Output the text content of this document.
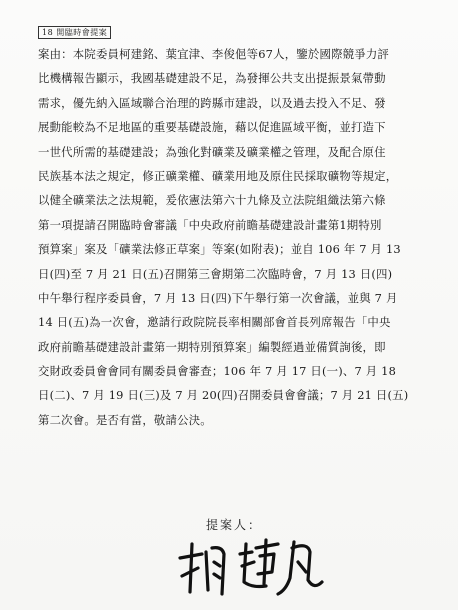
18 開臨時會提案
案由：本院委員柯建銘、葉宜津、李俊俋等67人，鑒於國際競爭力評
比機構報告顯示，我國基礎建設不足，為發揮公共支出提振景氣帶動
需求，優先納入區域聯合治理的跨縣市建設，以及過去投入不足、發
展動能較為不足地區的重要基礎設施，藉以促進區域平衡，並打造下
一世代所需的基礎建設；為強化對礦業及礦業權之管理，及配合原住
民族基本法之規定，修正礦業權、礦業用地及原住民採取礦物等規定，
以健全礦業法之法規範，爰依憲法第六十九條及立法院組織法第六條
第一項提請召開臨時會審議「中央政府前瞻基礎建設計畫第1期特別
預算案」案及「礦業法修正草案」等案(如附表)；並自 106 年 7 月 13
日(四)至 7 月 21 日(五)召開第三會期第二次臨時會，7 月 13 日(四)
中午舉行程序委員會，7 月 13 日(四)下午舉行第一次會議，並與 7 月
14 日(五)為一次會，邀請行政院院長率相關部會首長列席報告「中央
政府前瞻基礎建設計畫第一期特別預算案」編製經過並備質詢後，即
交財政委員會會同有關委員會審查；106 年 7 月 17 日(一)、7 月 18
日(二)、7 月 19 日(三)及 7 月 20(四)召開委員會會議；7 月 21 日(五)
第二次會。是否有當，敬請公決。
提案人：
